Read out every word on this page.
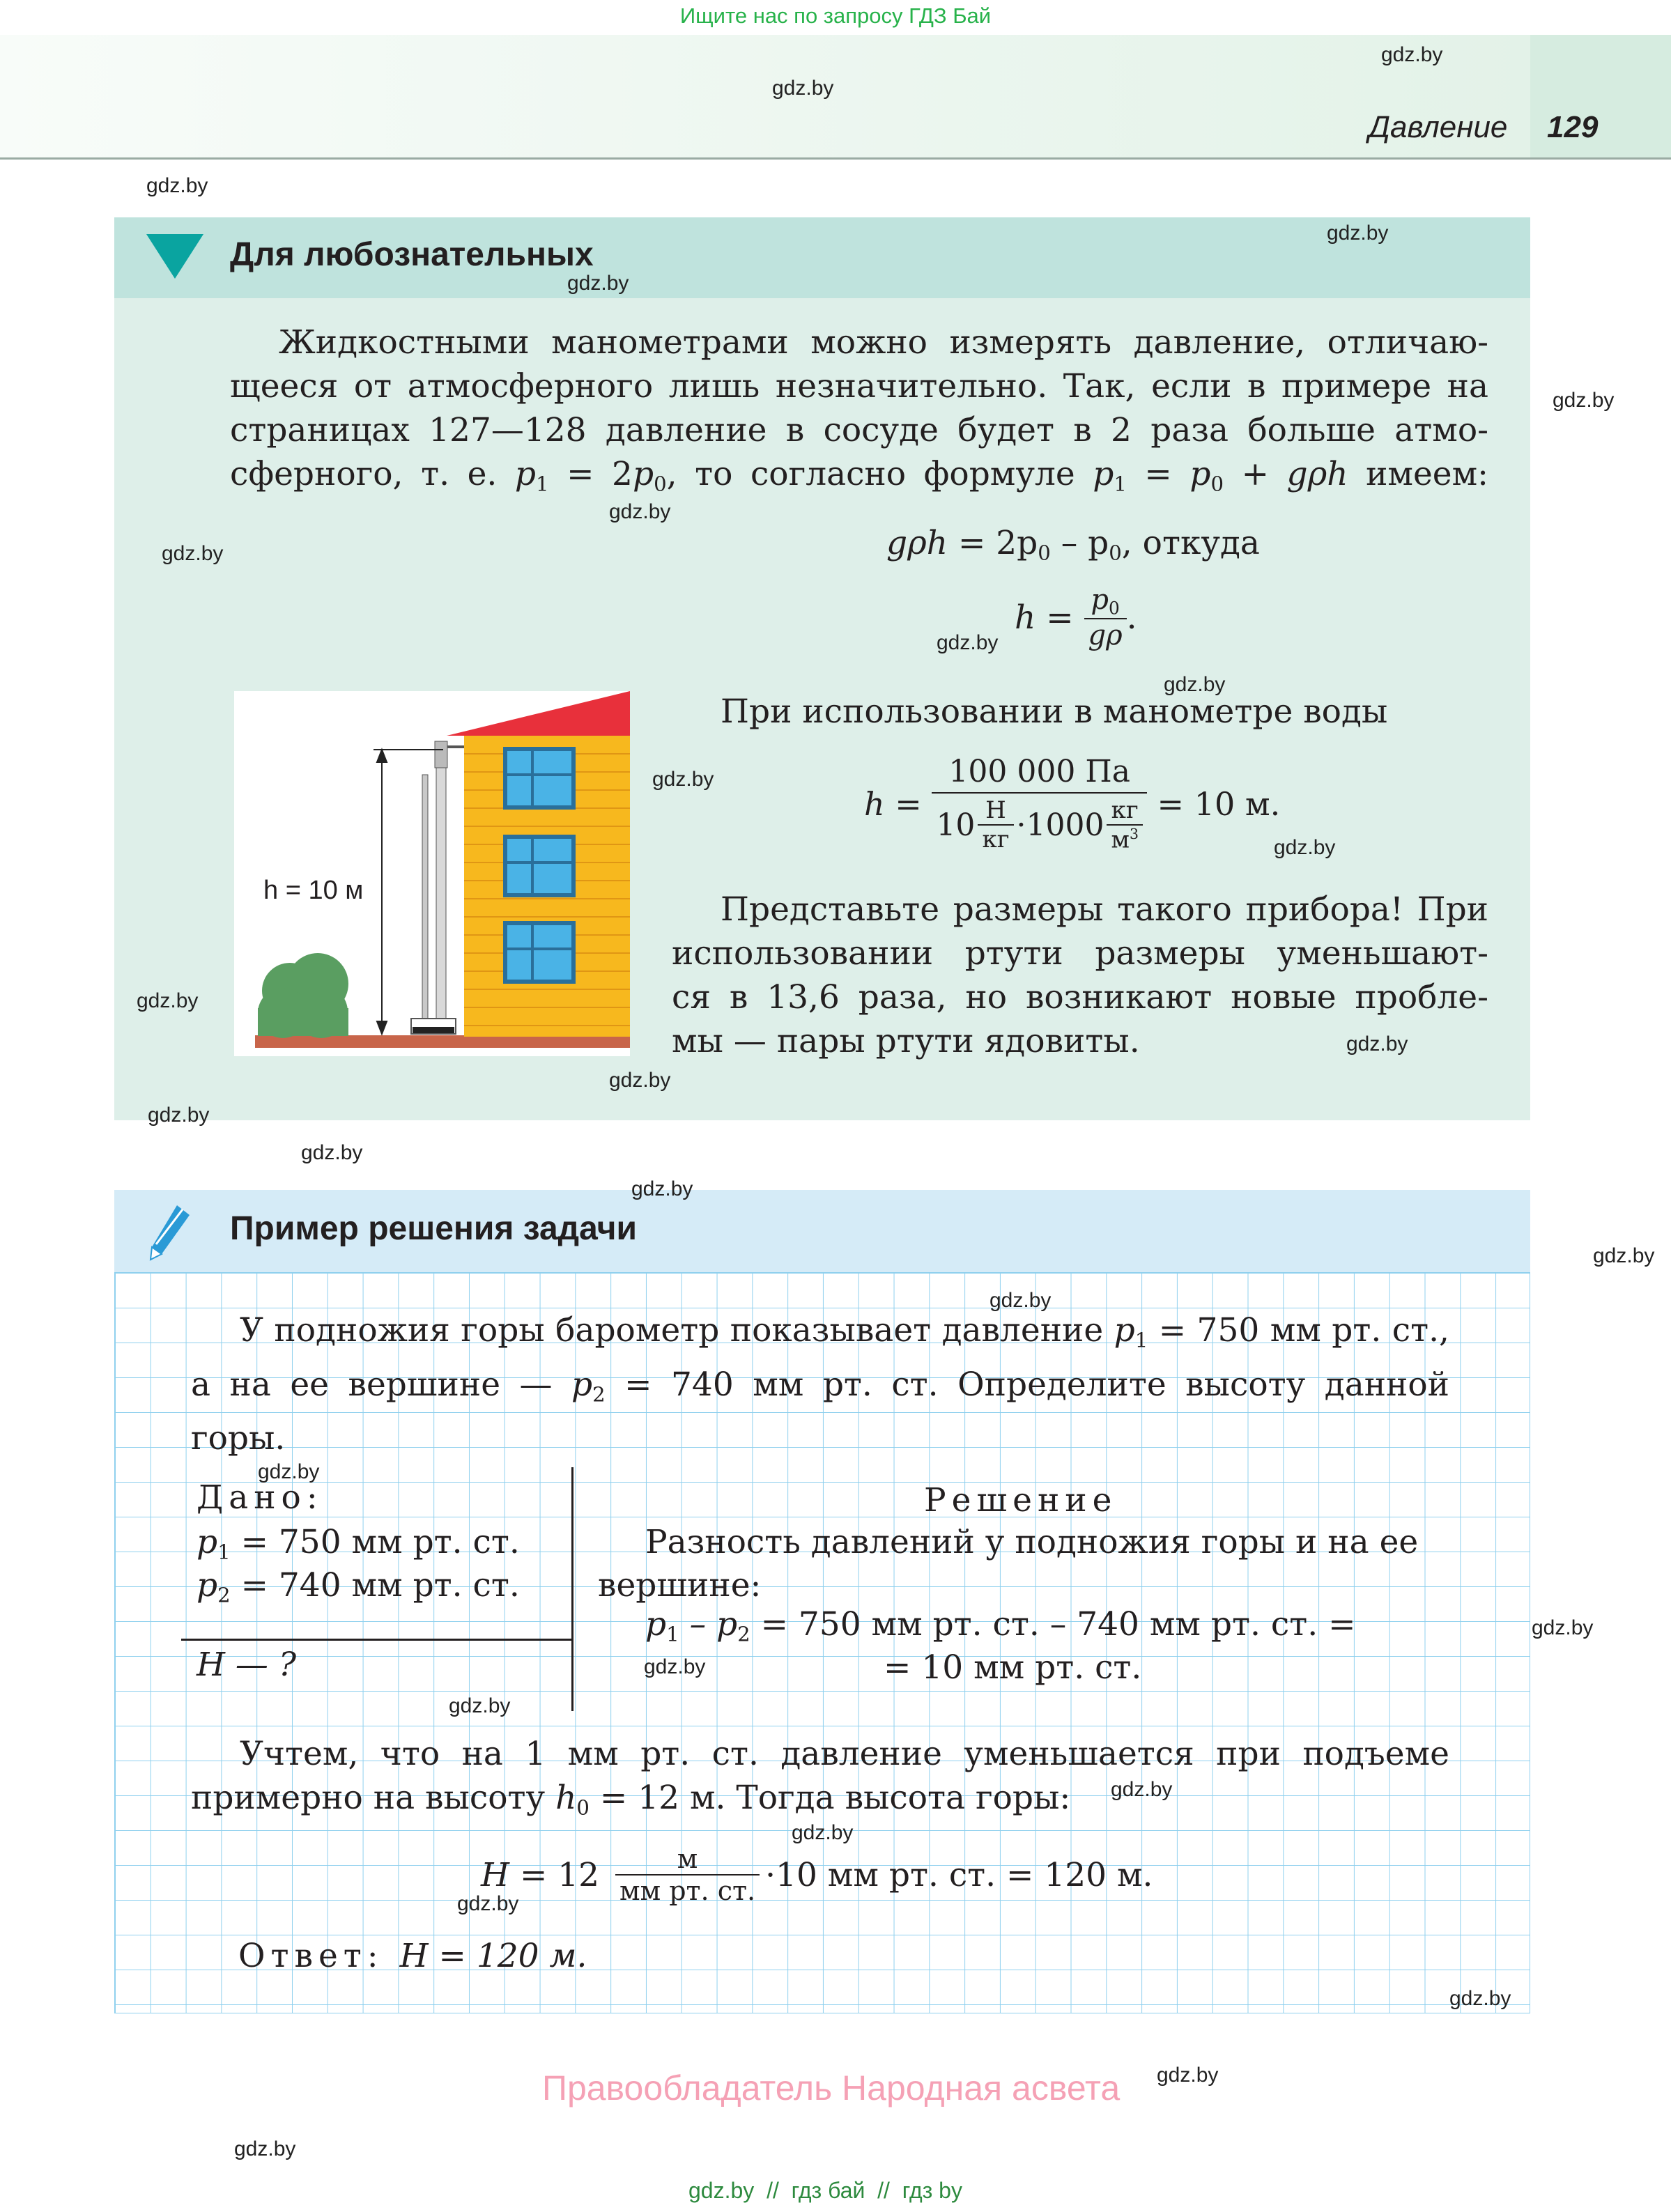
Ищите нас по запросу ГДЗ Бай
Давление 129
Для любознательных
Жидкостными манометрами можно измерять давление, отличаю-
щееся от атмосферного лишь незначительно. Так, если в примере на
страницах 127—128 давление в сосуде будет в 2 раза больше атмо-
сферного, т. е. $p_1 = 2p_0$, то согласно формуле $p_1 = p_0 + g\rho h$ имеем:
$g\rho h = 2p_0 - p_0$, откуда
$h = \frac{p_0}{g\rho}$ .
h = 10 м
При использовании в манометре воды
$h = \frac{100 000 Па}{10 \frac{Н}{кг} \cdot 1000 \frac{кг}{м^3}} = 10$ м.
Представьте размеры такого прибора! При
использовании ртути размеры уменьшают-
ся в 13,6 раза, но возникают новые пробле-
мы — пары ртути ядовиты.
Пример решения задачи
У подножия горы барометр показывает давление $p_1 = 750$ мм рт. ст.,
а на ее вершине — $p_2 = 740$ мм рт. ст. Определите высоту данной
горы.
Дано:
$p_1 = 750$ мм рт. ст.
$p_2 = 740$ мм рт. ст.
H — ?
Решение
Разность давлений у подножия горы и на ее
вершине:
$p_1 - p_2 = 750$ мм рт. ст. – 740 мм рт. ст. =
= 10 мм рт. ст.
Учтем, что на 1 мм рт. ст. давление уменьшается при подъеме
примерно на высоту $h_0 = 12$ м. Тогда высота горы:
$H = 12 \frac{м}{\text{мм рт. ст.}} \cdot 10$ мм рт. ст. = 120 м.
Ответ: H = 120 м.
Правообладатель Народная асвета
gdz.by  //  гдз бай  //  гдз by
gdz.by
gdz.by
gdz.by
gdz.by
gdz.by
gdz.by
gdz.by
gdz.by
gdz.by
gdz.by
gdz.by
gdz.by
gdz.by
gdz.by
gdz.by
gdz.by
gdz.by
gdz.by
gdz.by
gdz.by
gdz.by
gdz.by
gdz.by
gdz.by
gdz.by
gdz.by
gdz.by
gdz.by
gdz.by
gdz.by
